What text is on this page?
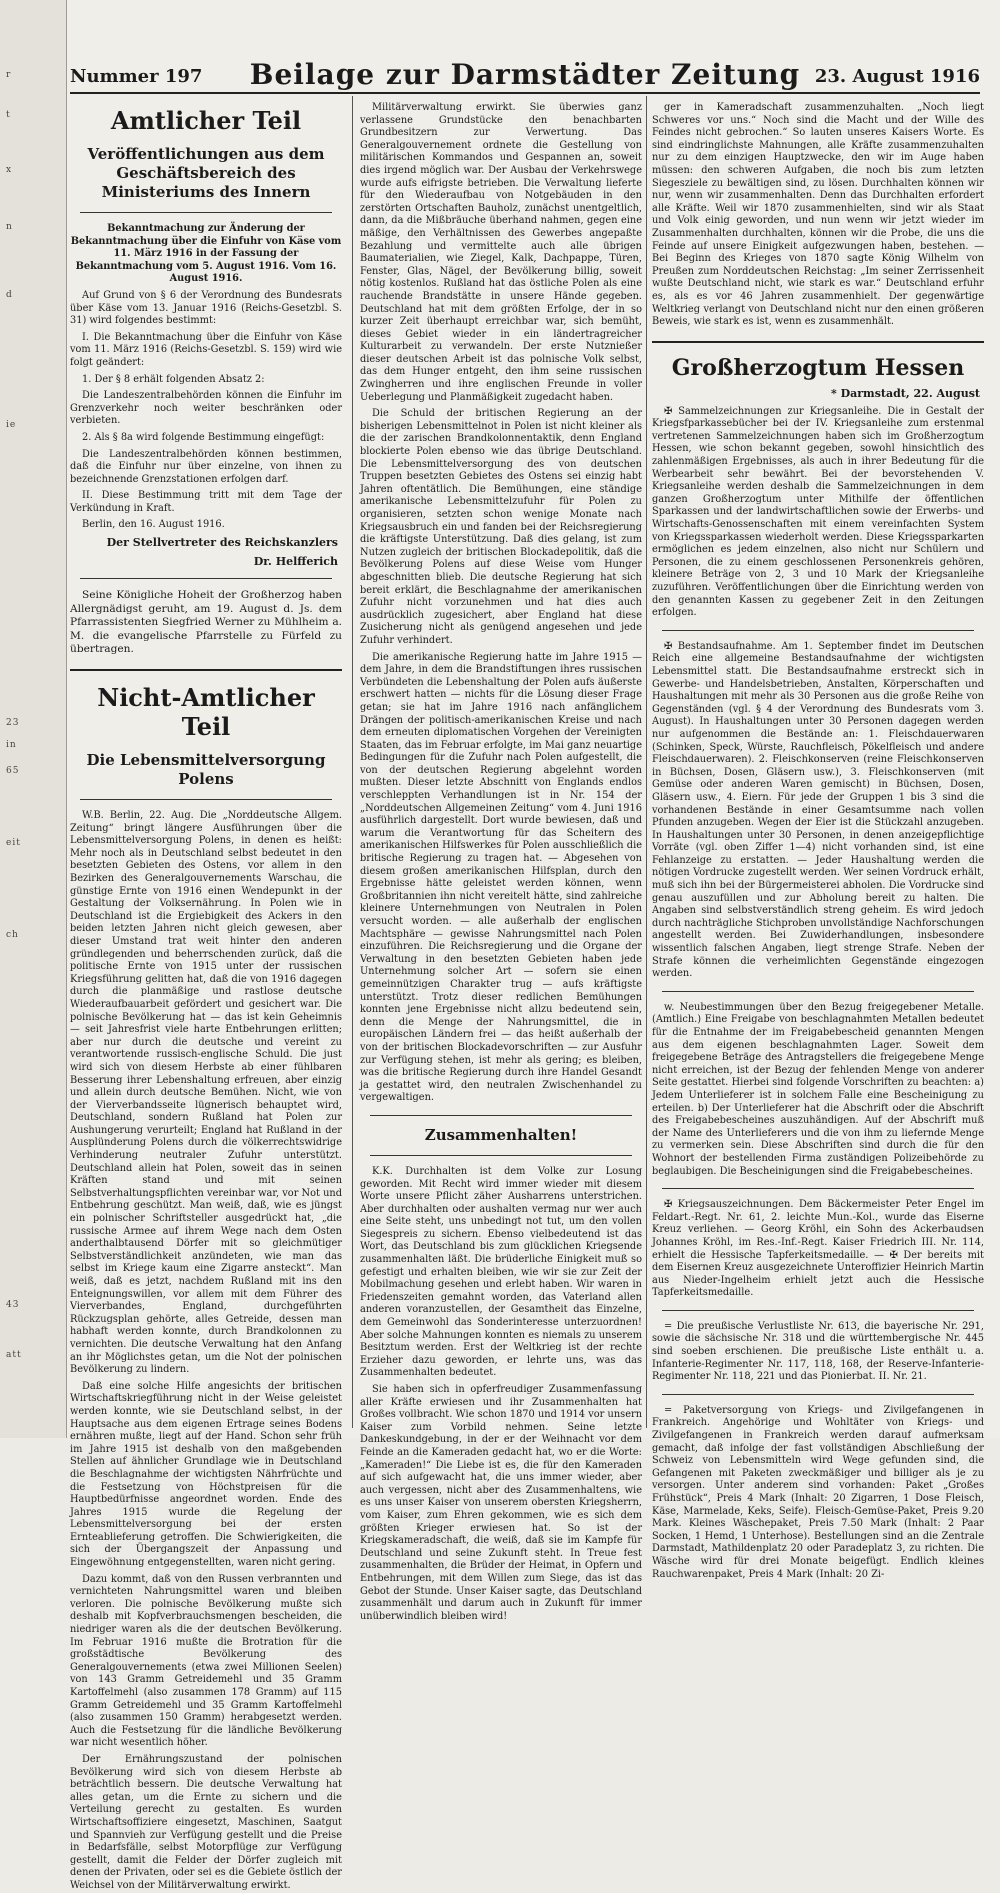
r
t
x
n
d
ie
23
in
65
eit
ch
43
att
Beilage zur Darmstädter Zeitung
Nummer 197	23. August 1916
Amtlicher Teil
Veröffentlichungen aus dem Geschäftsbereich des Ministeriums des Innern

Bekanntmachung zur Änderung der Bekanntmachung über die Einfuhr von Käse vom 11. März 1916 in der Fassung der Bekanntmachung vom 5. August 1916. Vom 16. August 1916.

Auf Grund von § 6 der Verordnung des Bundesrats über Käse vom 13. Januar 1916 (Reichs-Gesetzbl. S. 31) wird folgendes bestimmt:

I. Die Bekanntmachung über die Einfuhr von Käse vom 11. März 1916 (Reichs-Gesetzbl. S. 159) wird wie folgt geändert:

1. Der § 8 erhält folgenden Absatz 2:

Die Landeszentralbehörden können die Einfuhr im Grenzverkehr noch weiter beschränken oder verbieten.

2. Als § 8a wird folgende Bestimmung eingefügt:

Die Landeszentralbehörden können bestimmen, daß die Einfuhr nur über einzelne, von ihnen zu bezeichnende Grenzstationen erfolgen darf.

II. Diese Bestimmung tritt mit dem Tage der Verkündung in Kraft.

Berlin, den 16. August 1916.

Der Stellvertreter des Reichskanzlers
Dr. Helfferich

Seine Königliche Hoheit der Großherzog haben Allergnädigst geruht, am 19. August d. Js. dem Pfarrassistenten Siegfried Werner zu Mühlheim a. M. die evangelische Pfarrstelle zu Fürfeld zu übertragen.

Nicht-Amtlicher Teil
Die Lebensmittelversorgung Polens

W.B. Berlin, 22. Aug. Die „Norddeutsche Allgem. Zeitung“ bringt längere Ausführungen über die Lebensmittelversorgung Polens, in denen es heißt: Mehr noch als in Deutschland selbst bedeutet in den besetzten Gebieten des Ostens, vor allem in den Bezirken des Generalgouvernements Warschau, die günstige Ernte von 1916 einen Wendepunkt in der Gestaltung der Volksernährung. In Polen wie in Deutschland ist die Ergiebigkeit des Ackers in den beiden letzten Jahren nicht gleich gewesen, aber dieser Umstand trat weit hinter den anderen gründlegenden und beherrschenden zurück, daß die politische Ernte von 1915 unter der russischen Kriegsführung gelitten hat, daß die von 1916 dagegen durch die planmäßige und rastlose deutsche Wiederaufbauarbeit gefördert und gesichert war. Die polnische Bevölkerung hat — das ist kein Geheimnis — seit Jahresfrist viele harte Entbehrungen erlitten; aber nur durch die deutsche und vereint zu verantwortende russisch-englische Schuld. Die just wird sich von diesem Herbste ab einer fühlbaren Besserung ihrer Lebenshaltung erfreuen, aber einzig und allein durch deutsche Bemühen. Nicht, wie von der Vierverbandsseite lügnerisch behauptet wird, Deutschland, sondern Rußland hat Polen zur Aushungerung verurteilt; England hat Rußland in der Ausplünderung Polens durch die völkerrechtswidrige Verhinderung neutraler Zufuhr unterstützt. Deutschland allein hat Polen, soweit das in seinen Kräften stand und mit seinen Selbstverhaltungspflichten vereinbar war, vor Not und Entbehrung geschützt. Man weiß, daß, wie es jüngst ein polnischer Schriftsteller ausgedrückt hat, „die russische Armee auf ihrem Wege nach dem Osten anderthalbtausend Dörfer mit so gleichmütiger Selbstverständlichkeit anzündeten, wie man das selbst im Kriege kaum eine Zigarre ansteckt“. Man weiß, daß es jetzt, nachdem Rußland mit ins den Enteignungswillen, vor allem mit dem Führer des Vierverbandes, England, durchgeführten Rückzugsplan gehörte, alles Getreide, dessen man habhaft werden konnte, durch Brandkolonnen zu vernichten. Die deutsche Verwaltung hat den Anfang an ihr Möglichstes getan, um die Not der polnischen Bevölkerung zu lindern.

Daß eine solche Hilfe angesichts der britischen Wirtschaftskriegführung nicht in der Weise geleistet werden konnte, wie sie Deutschland selbst, in der Hauptsache aus dem eigenen Ertrage seines Bodens ernähren mußte, liegt auf der Hand. Schon sehr früh im Jahre 1915 ist deshalb von den maßgebenden Stellen auf ähnlicher Grundlage wie in Deutschland die Beschlagnahme der wichtigsten Nährfrüchte und die Festsetzung von Höchstpreisen für die Hauptbedürfnisse angeordnet worden. Ende des Jahres 1915 wurde die Regelung der Lebensmittelversorgung bei der ersten Ernteablieferung getroffen. Die Schwierigkeiten, die sich der Übergangszeit der Anpassung und Eingewöhnung entgegenstellten, waren nicht gering.

Dazu kommt, daß von den Russen verbrannten und vernichteten Nahrungsmittel waren und bleiben verloren. Die polnische Bevölkerung mußte sich deshalb mit Kopfverbrauchsmengen bescheiden, die niedriger waren als die der deutschen Bevölkerung. Im Februar 1916 mußte die Brotration für die großstädtische Bevölkerung des Generalgouvernements (etwa zwei Millionen Seelen) von 143 Gramm Getreidemehl und 35 Gramm Kartoffelmehl (also zusammen 178 Gramm) auf 115 Gramm Getreidemehl und 35 Gramm Kartoffelmehl (also zusammen 150 Gramm) herabgesetzt werden. Auch die Festsetzung für die ländliche Bevölkerung war nicht wesentlich höher.

Der Ernährungszustand der polnischen Bevölkerung wird sich von diesem Herbste ab beträchtlich bessern. Die deutsche Verwaltung hat alles getan, um die Ernte zu sichern und die Verteilung gerecht zu gestalten. Es wurden Wirtschaftsoffiziere eingesetzt, Maschinen, Saatgut und Spannvieh zur Verfügung gestellt und die Preise in Bedarfsfälle, selbst Motorpflüge zur Verfügung gestellt, damit die Felder der Dörfer zugleich mit denen der Privaten, oder sei es die Gebiete östlich der Weichsel von der Militärverwaltung erwirkt.

Militärverwaltung erwirkt. Sie überwies ganz verlassene Grundstücke den benachbarten Grundbesitzern zur Verwertung. Das Generalgouvernement ordnete die Gestellung von militärischen Kommandos und Gespannen an, soweit dies irgend möglich war. Der Ausbau der Verkehrswege wurde aufs eifrigste betrieben. Die Verwaltung lieferte für den Wiederaufbau von Notgebäuden in den zerstörten Ortschaften Bauholz, zunächst unentgeltlich, dann, da die Mißbräuche überhand nahmen, gegen eine mäßige, den Verhältnissen des Gewerbes angepaßte Bezahlung und vermittelte auch alle übrigen Baumaterialien, wie Ziegel, Kalk, Dachpappe, Türen, Fenster, Glas, Nägel, der Bevölkerung billig, soweit nötig kostenlos. Rußland hat das östliche Polen als eine rauchende Brandstätte in unsere Hände gegeben. Deutschland hat mit dem größten Erfolge, der in so kurzer Zeit überhaupt erreichbar war, sich bemüht, dieses Gebiet wieder in ein ländertragreicher Kulturarbeit zu verwandeln. Der erste Nutznießer dieser deutschen Arbeit ist das polnische Volk selbst, das dem Hunger entgeht, den ihm seine russischen Zwingherren und ihre englischen Freunde in voller Ueberlegung und Planmäßigkeit zugedacht haben.

Die Schuld der britischen Regierung an der bisherigen Lebensmittelnot in Polen ist nicht kleiner als die der zarischen Brandkolonnentaktik, denn England blockierte Polen ebenso wie das übrige Deutschland. Die Lebensmittelversorgung des von deutschen Truppen besetzten Gebietes des Ostens sei einzig habt Jahren oftentätlich. Die Bemühungen, eine ständige amerikanische Lebensmittelzufuhr für Polen zu organisieren, setzten schon wenige Monate nach Kriegsausbruch ein und fanden bei der Reichsregierung die kräftigste Unterstützung. Daß dies gelang, ist zum Nutzen zugleich der britischen Blockadepolitik, daß die Bevölkerung Polens auf diese Weise vom Hunger abgeschnitten blieb. Die deutsche Regierung hat sich bereit erklärt, die Beschlagnahme der amerikanischen Zufuhr nicht vorzunehmen und hat dies auch ausdrücklich zugesichert, aber England hat diese Zusicherung nicht als genügend angesehen und jede Zufuhr verhindert.

Die amerikanische Regierung hatte im Jahre 1915 — dem Jahre, in dem die Brandstiftungen ihres russischen Verbündeten die Lebenshaltung der Polen aufs äußerste erschwert hatten — nichts für die Lösung dieser Frage getan; sie hat im Jahre 1916 nach anfänglichem Drängen der politisch-amerikanischen Kreise und nach dem erneuten diplomatischen Vorgehen der Vereinigten Staaten, das im Februar erfolgte, im Mai ganz neuartige Bedingungen für die Zufuhr nach Polen aufgestellt, die von der deutschen Regierung abgelehnt worden mußten. Dieser letzte Abschnitt von Englands endlos verschleppten Verhandlungen ist in Nr. 154 der „Norddeutschen Allgemeinen Zeitung“ vom 4. Juni 1916 ausführlich dargestellt. Dort wurde bewiesen, daß und warum die Verantwortung für das Scheitern des amerikanischen Hilfswerkes für Polen ausschließlich die britische Regierung zu tragen hat. — Abgesehen von diesem großen amerikanischen Hilfsplan, durch den Ergebnisse hätte geleistet werden können, wenn Großbritannien ihn nicht vereitelt hätte, sind zahlreiche kleinere Unternehmungen von Neutralen in Polen versucht worden. — alle außerhalb der englischen Machtsphäre — gewisse Nahrungsmittel nach Polen einzuführen. Die Reichsregierung und die Organe der Verwaltung in den besetzten Gebieten haben jede Unternehmung solcher Art — sofern sie einen gemeinnützigen Charakter trug — aufs kräftigste unterstützt. Trotz dieser redlichen Bemühungen konnten jene Ergebnisse nicht allzu bedeutend sein, denn die Menge der Nahrungsmittel, die in europäischen Ländern frei — das heißt außerhalb der von der britischen Blockadevorschriften — zur Ausfuhr zur Verfügung stehen, ist mehr als gering; es bleiben, was die britische Regierung durch ihre Handel Gesandt ja gestattet wird, den neutralen Zwischenhandel zu vergewaltigen.

Zusammenhalten!

K.K. Durchhalten ist dem Volke zur Losung geworden. Mit Recht wird immer wieder mit diesem Worte unsere Pflicht zäher Ausharrens unterstrichen. Aber durchhalten oder aushalten vermag nur wer auch eine Seite steht, uns unbedingt not tut, um den vollen Siegespreis zu sichern. Ebenso vielbedeutend ist das Wort, das Deutschland bis zum glücklichen Kriegsende zusammenhalten läßt. Die brüderliche Einigkeit muß so gefestigt und erhalten bleiben, wie wir sie zur Zeit der Mobilmachung gesehen und erlebt haben. Wir waren in Friedenszeiten gemahnt worden, das Vaterland allen anderen voranzustellen, der Gesamtheit das Einzelne, dem Gemeinwohl das Sonderinteresse unterzuordnen! Aber solche Mahnungen konnten es niemals zu unserem Besitztum werden. Erst der Weltkrieg ist der rechte Erzieher dazu geworden, er lehrte uns, was das Zusammenhalten bedeutet.

Sie haben sich in opferfreudiger Zusammenfassung aller Kräfte erwiesen und ihr Zusammenhalten hat Großes vollbracht. Wie schon 1870 und 1914 vor unsern Kaiser zum Vorbild nehmen. Seine letzte Dankeskundgebung, in der er der Weihnacht vor dem Feinde an die Kameraden gedacht hat, wo er die Worte: „Kameraden!“ Die Liebe ist es, die für den Kameraden auf sich aufgewacht hat, die uns immer wieder, aber auch vergessen, nicht aber des Zusammenhaltens, wie es uns unser Kaiser von unserem obersten Kriegsherrn, vom Kaiser, zum Ehren gekommen, wie es sich dem größten Krieger erwiesen hat. So ist der Kriegskameradschaft, die weiß, daß sie im Kampfe für Deutschland und seine Zukunft steht. In Treue fest zusammenhalten, die Brüder der Heimat, in Opfern und Entbehrungen, mit dem Willen zum Siege, das ist das Gebot der Stunde. Unser Kaiser sagte, das Deutschland zusammenhält und darum auch in Zukunft für immer unüberwindlich bleiben wird!

ger in Kameradschaft zusammenzuhalten. „Noch liegt Schweres vor uns.“ Noch sind die Macht und der Wille des Feindes nicht gebrochen.“ So lauten unseres Kaisers Worte. Es sind eindringlichste Mahnungen, alle Kräfte zusammenzuhalten nur zu dem einzigen Hauptzwecke, den wir im Auge haben müssen: den schweren Aufgaben, die noch bis zum letzten Siegesziele zu bewältigen sind, zu lösen. Durchhalten können wir nur, wenn wir zusammenhalten. Denn das Durchhalten erfordert alle Kräfte. Weil wir 1870 zusammenhielten, sind wir als Staat und Volk einig geworden, und nun wenn wir jetzt wieder im Zusammenhalten durchhalten, können wir die Probe, die uns die Feinde auf unsere Einigkeit aufgezwungen haben, bestehen. — Bei Beginn des Krieges von 1870 sagte König Wilhelm von Preußen zum Norddeutschen Reichstag: „Im seiner Zerrissenheit wußte Deutschland nicht, wie stark es war.“ Deutschland erfuhr es, als es vor 46 Jahren zusammenhielt. Der gegenwärtige Weltkrieg verlangt von Deutschland nicht nur den einen größeren Beweis, wie stark es ist, wenn es zusammenhält.

Großherzogtum Hessen
* Darmstadt, 22. August

✠ Sammelzeichnungen zur Kriegsanleihe. Die in Gestalt der Kriegsfparkassebücher bei der IV. Kriegsanleihe zum erstenmal vertretenen Sammelzeichnungen haben sich im Großherzogtum Hessen, wie schon bekannt gegeben, sowohl hinsichtlich des zahlenmäßigen Ergebnisses, als auch in ihrer Bedeutung für die Werbearbeit sehr bewährt. Bei der bevorstehenden V. Kriegsanleihe werden deshalb die Sammelzeichnungen in dem ganzen Großherzogtum unter Mithilfe der öffentlichen Sparkassen und der landwirtschaftlichen sowie der Erwerbs- und Wirtschafts-Genossenschaften mit einem vereinfachten System von Kriegssparkassen wiederholt werden. Diese Kriegssparkarten ermöglichen es jedem einzelnen, also nicht nur Schülern und Personen, die zu einem geschlossenen Personenkreis gehören, kleinere Beträge von 2, 3 und 10 Mark der Kriegsanleihe zuzuführen. Veröffentlichungen über die Einrichtung werden von den genannten Kassen zu gegebener Zeit in den Zeitungen erfolgen.

✠ Bestandsaufnahme. Am 1. September findet im Deutschen Reich eine allgemeine Bestandsaufnahme der wichtigsten Lebensmittel statt. Die Bestandsaufnahme erstreckt sich in Gewerbe- und Handelsbetrieben, Anstalten, Körperschaften und Haushaltungen mit mehr als 30 Personen aus die große Reihe von Gegenständen (vgl. § 4 der Verordnung des Bundesrats vom 3. August). In Haushaltungen unter 30 Personen dagegen werden nur aufgenommen die Bestände an: 1. Fleischdauerwaren (Schinken, Speck, Würste, Rauchfleisch, Pökelfleisch und andere Fleischdauerwaren). 2. Fleischkonserven (reine Fleischkonserven in Büchsen, Dosen, Gläsern usw.), 3. Fleischkonserven (mit Gemüse oder anderen Waren gemischt) in Büchsen, Dosen, Gläsern usw., 4. Eiern. Für jede der Gruppen 1 bis 3 sind die vorhandenen Bestände in einer Gesamtsumme nach vollen Pfunden anzugeben. Wegen der Eier ist die Stückzahl anzugeben. In Haushaltungen unter 30 Personen, in denen anzeigepflichtige Vorräte (vgl. oben Ziffer 1—4) nicht vorhanden sind, ist eine Fehlanzeige zu erstatten. — Jeder Haushaltung werden die nötigen Vordrucke zugestellt werden. Wer seinen Vordruck erhält, muß sich ihn bei der Bürgermeisterei abholen. Die Vordrucke sind genau auszufüllen und zur Abholung bereit zu halten. Die Angaben sind selbstverständlich streng geheim. Es wird jedoch durch nachträgliche Stichproben unvollständige Nachforschungen angestellt werden. Bei Zuwiderhandlungen, insbesondere wissentlich falschen Angaben, liegt strenge Strafe. Neben der Strafe können die verheimlichten Gegenstände eingezogen werden.

w. Neubestimmungen über den Bezug freigegebener Metalle. (Amtlich.) Eine Freigabe von beschlagnahmten Metallen bedeutet für die Entnahme der im Freigabebescheid genannten Mengen aus dem eigenen beschlagnahmten Lager. Soweit dem freigegebene Beträge des Antragstellers die freigegebene Menge nicht erreichen, ist der Bezug der fehlenden Menge von anderer Seite gestattet. Hierbei sind folgende Vorschriften zu beachten: a) Jedem Unterlieferer ist in solchem Falle eine Bescheinigung zu erteilen. b) Der Unterlieferer hat die Abschrift oder die Abschrift des Freigabebescheines auszuhändigen. Auf der Abschrift muß der Name des Unterlieferers und die von ihm zu liefernde Menge zu vermerken sein. Diese Abschriften sind durch die für den Wohnort der bestellenden Firma zuständigen Polizeibehörde zu beglaubigen. Die Bescheinigungen sind die Freigabebescheines.

✠ Kriegsauszeichnungen. Dem Bäckermeister Peter Engel im Feldart.-Regt. Nr. 61, 2. leichte Mun.-Kol., wurde das Eiserne Kreuz verliehen. — Georg Kröhl, ein Sohn des Ackerbaudsen Johannes Kröhl, im Res.-Inf.-Regt. Kaiser Friedrich III. Nr. 114, erhielt die Hessische Tapferkeitsmedaille. — ✠ Der bereits mit dem Eisernen Kreuz ausgezeichnete Unteroffizier Heinrich Martin aus Nieder-Ingelheim erhielt jetzt auch die Hessische Tapferkeitsmedaille.

= Die preußische Verlustliste Nr. 613, die bayerische Nr. 291, sowie die sächsische Nr. 318 und die württembergische Nr. 445 sind soeben erschienen. Die preußische Liste enthält u. a. Infanterie-Regimenter Nr. 117, 118, 168, der Reserve-Infanterie-Regimenter Nr. 118, 221 und das Pionierbat. II. Nr. 21.

= Paketversorgung von Kriegs- und Zivilgefangenen in Frankreich. Angehörige und Wohltäter von Kriegs- und Zivilgefangenen in Frankreich werden darauf aufmerksam gemacht, daß infolge der fast vollständigen Abschließung der Schweiz von Lebensmitteln wird Wege gefunden sind, die Gefangenen mit Paketen zweckmäßiger und billiger als je zu versorgen. Unter anderem sind vorhanden: Paket „Großes Frühstück“, Preis 4 Mark (Inhalt: 20 Zigarren, 1 Dose Fleisch, Käse, Marmelade, Keks, Seife). Fleisch-Gemüse-Paket, Preis 9.20 Mark. Kleines Wäschepaket, Preis 7.50 Mark (Inhalt: 2 Paar Socken, 1 Hemd, 1 Unterhose). Bestellungen sind an die Zentrale Darmstadt, Mathildenplatz 20 oder Paradeplatz 3, zu richten. Die Wäsche wird für drei Monate beigefügt. Endlich kleines Rauchwarenpaket, Preis 4 Mark (Inhalt: 20 Zi-
